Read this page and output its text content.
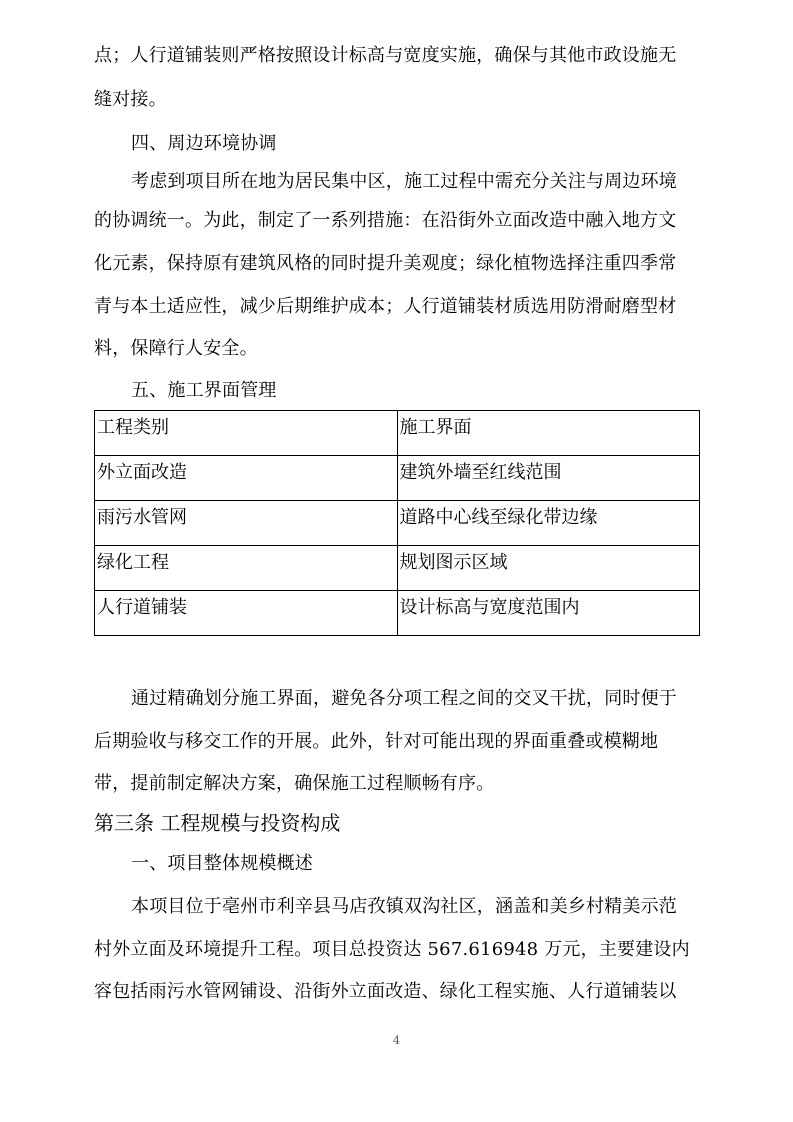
点；人行道铺装则严格按照设计标高与宽度实施，确保与其他市政设施无
缝对接。
四、周边环境协调
考虑到项目所在地为居民集中区，施工过程中需充分关注与周边环境
的协调统一。为此，制定了一系列措施：在沿街外立面改造中融入地方文
化元素，保持原有建筑风格的同时提升美观度；绿化植物选择注重四季常
青与本土适应性，减少后期维护成本；人行道铺装材质选用防滑耐磨型材
料，保障行人安全。
五、施工界面管理
工程类别	施工界面
外立面改造	建筑外墙至红线范围
雨污水管网	道路中心线至绿化带边缘
绿化工程	规划图示区域
人行道铺装	设计标高与宽度范围内
通过精确划分施工界面，避免各分项工程之间的交叉干扰，同时便于
后期验收与移交工作的开展。此外，针对可能出现的界面重叠或模糊地
带，提前制定解决方案，确保施工过程顺畅有序。
第三条 工程规模与投资构成
一、项目整体规模概述
本项目位于亳州市利辛县马店孜镇双沟社区，涵盖和美乡村精美示范
村外立面及环境提升工程。项目总投资达 567.616948 万元，主要建设内
容包括雨污水管网铺设、沿街外立面改造、绿化工程实施、人行道铺装以
4
